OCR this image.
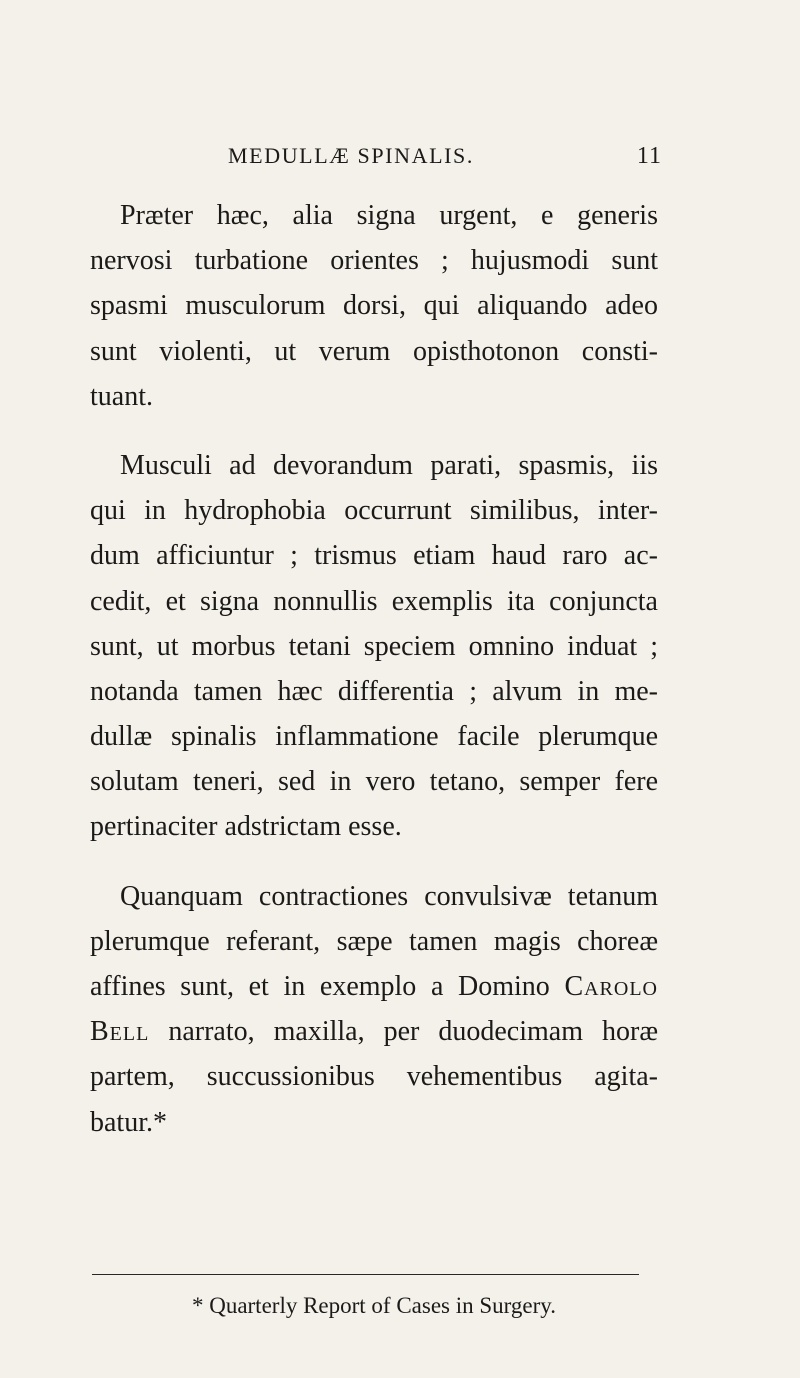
MEDULLÆ SPINALIS.	11
Præter hæc, alia signa urgent, e generis
nervosi turbatione orientes ; hujusmodi sunt
spasmi musculorum dorsi, qui aliquando adeo
sunt violenti, ut verum opisthotonon consti-
tuant.
Musculi ad devorandum parati, spasmis, iis
qui in hydrophobia occurrunt similibus, inter-
dum afficiuntur ; trismus etiam haud raro ac-
cedit, et signa nonnullis exemplis ita conjuncta
sunt, ut morbus tetani speciem omnino induat ;
notanda tamen hæc differentia ; alvum in me-
dullæ spinalis inflammatione facile plerumque
solutam teneri, sed in vero tetano, semper fere
pertinaciter adstrictam esse.
Quanquam contractiones convulsivæ tetanum
plerumque referant, sæpe tamen magis choreæ
affines sunt, et in exemplo a Domino Carolo
Bell narrato, maxilla, per duodecimam horæ
partem, succussionibus vehementibus agita-
batur.*
* Quarterly Report of Cases in Surgery.
